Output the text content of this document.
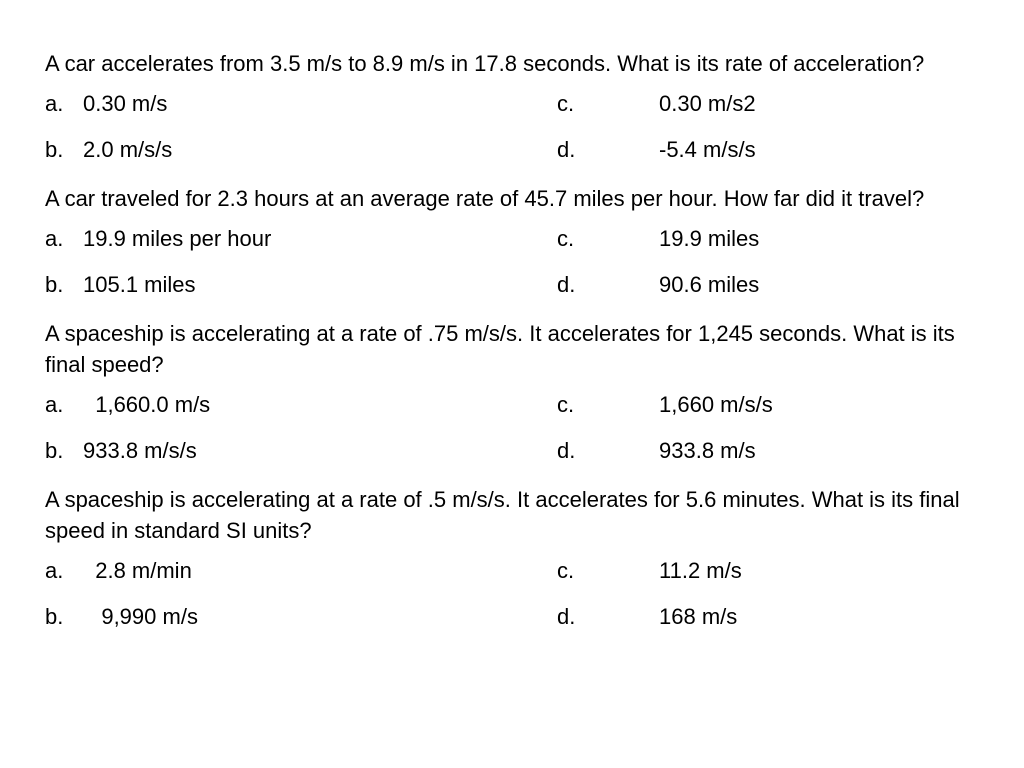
A car accelerates from 3.5 m/s to 8.9 m/s in 17.8 seconds. What is its rate of acceleration?

a. 0.30 m/s	c.	0.30 m/s2
b. 2.0 m/s/s	d.	-5.4 m/s/s

A car traveled for 2.3 hours at an average rate of 45.7 miles per hour. How far did it travel?

a. 19.9 miles per hour	c.	19.9 miles
b. 105.1 miles	d.	90.6 miles

A spaceship is accelerating at a rate of .75 m/s/s. It accelerates for 1,245 seconds. What is its final speed?

a. 1,660.0 m/s	c.	1,660 m/s/s
b. 933.8 m/s/s	d.	933.8 m/s

A spaceship is accelerating at a rate of .5 m/s/s. It accelerates for 5.6 minutes. What is its final speed in standard SI units?

a. 2.8 m/min	c.	11.2 m/s
b. 9,990 m/s	d.	168 m/s
